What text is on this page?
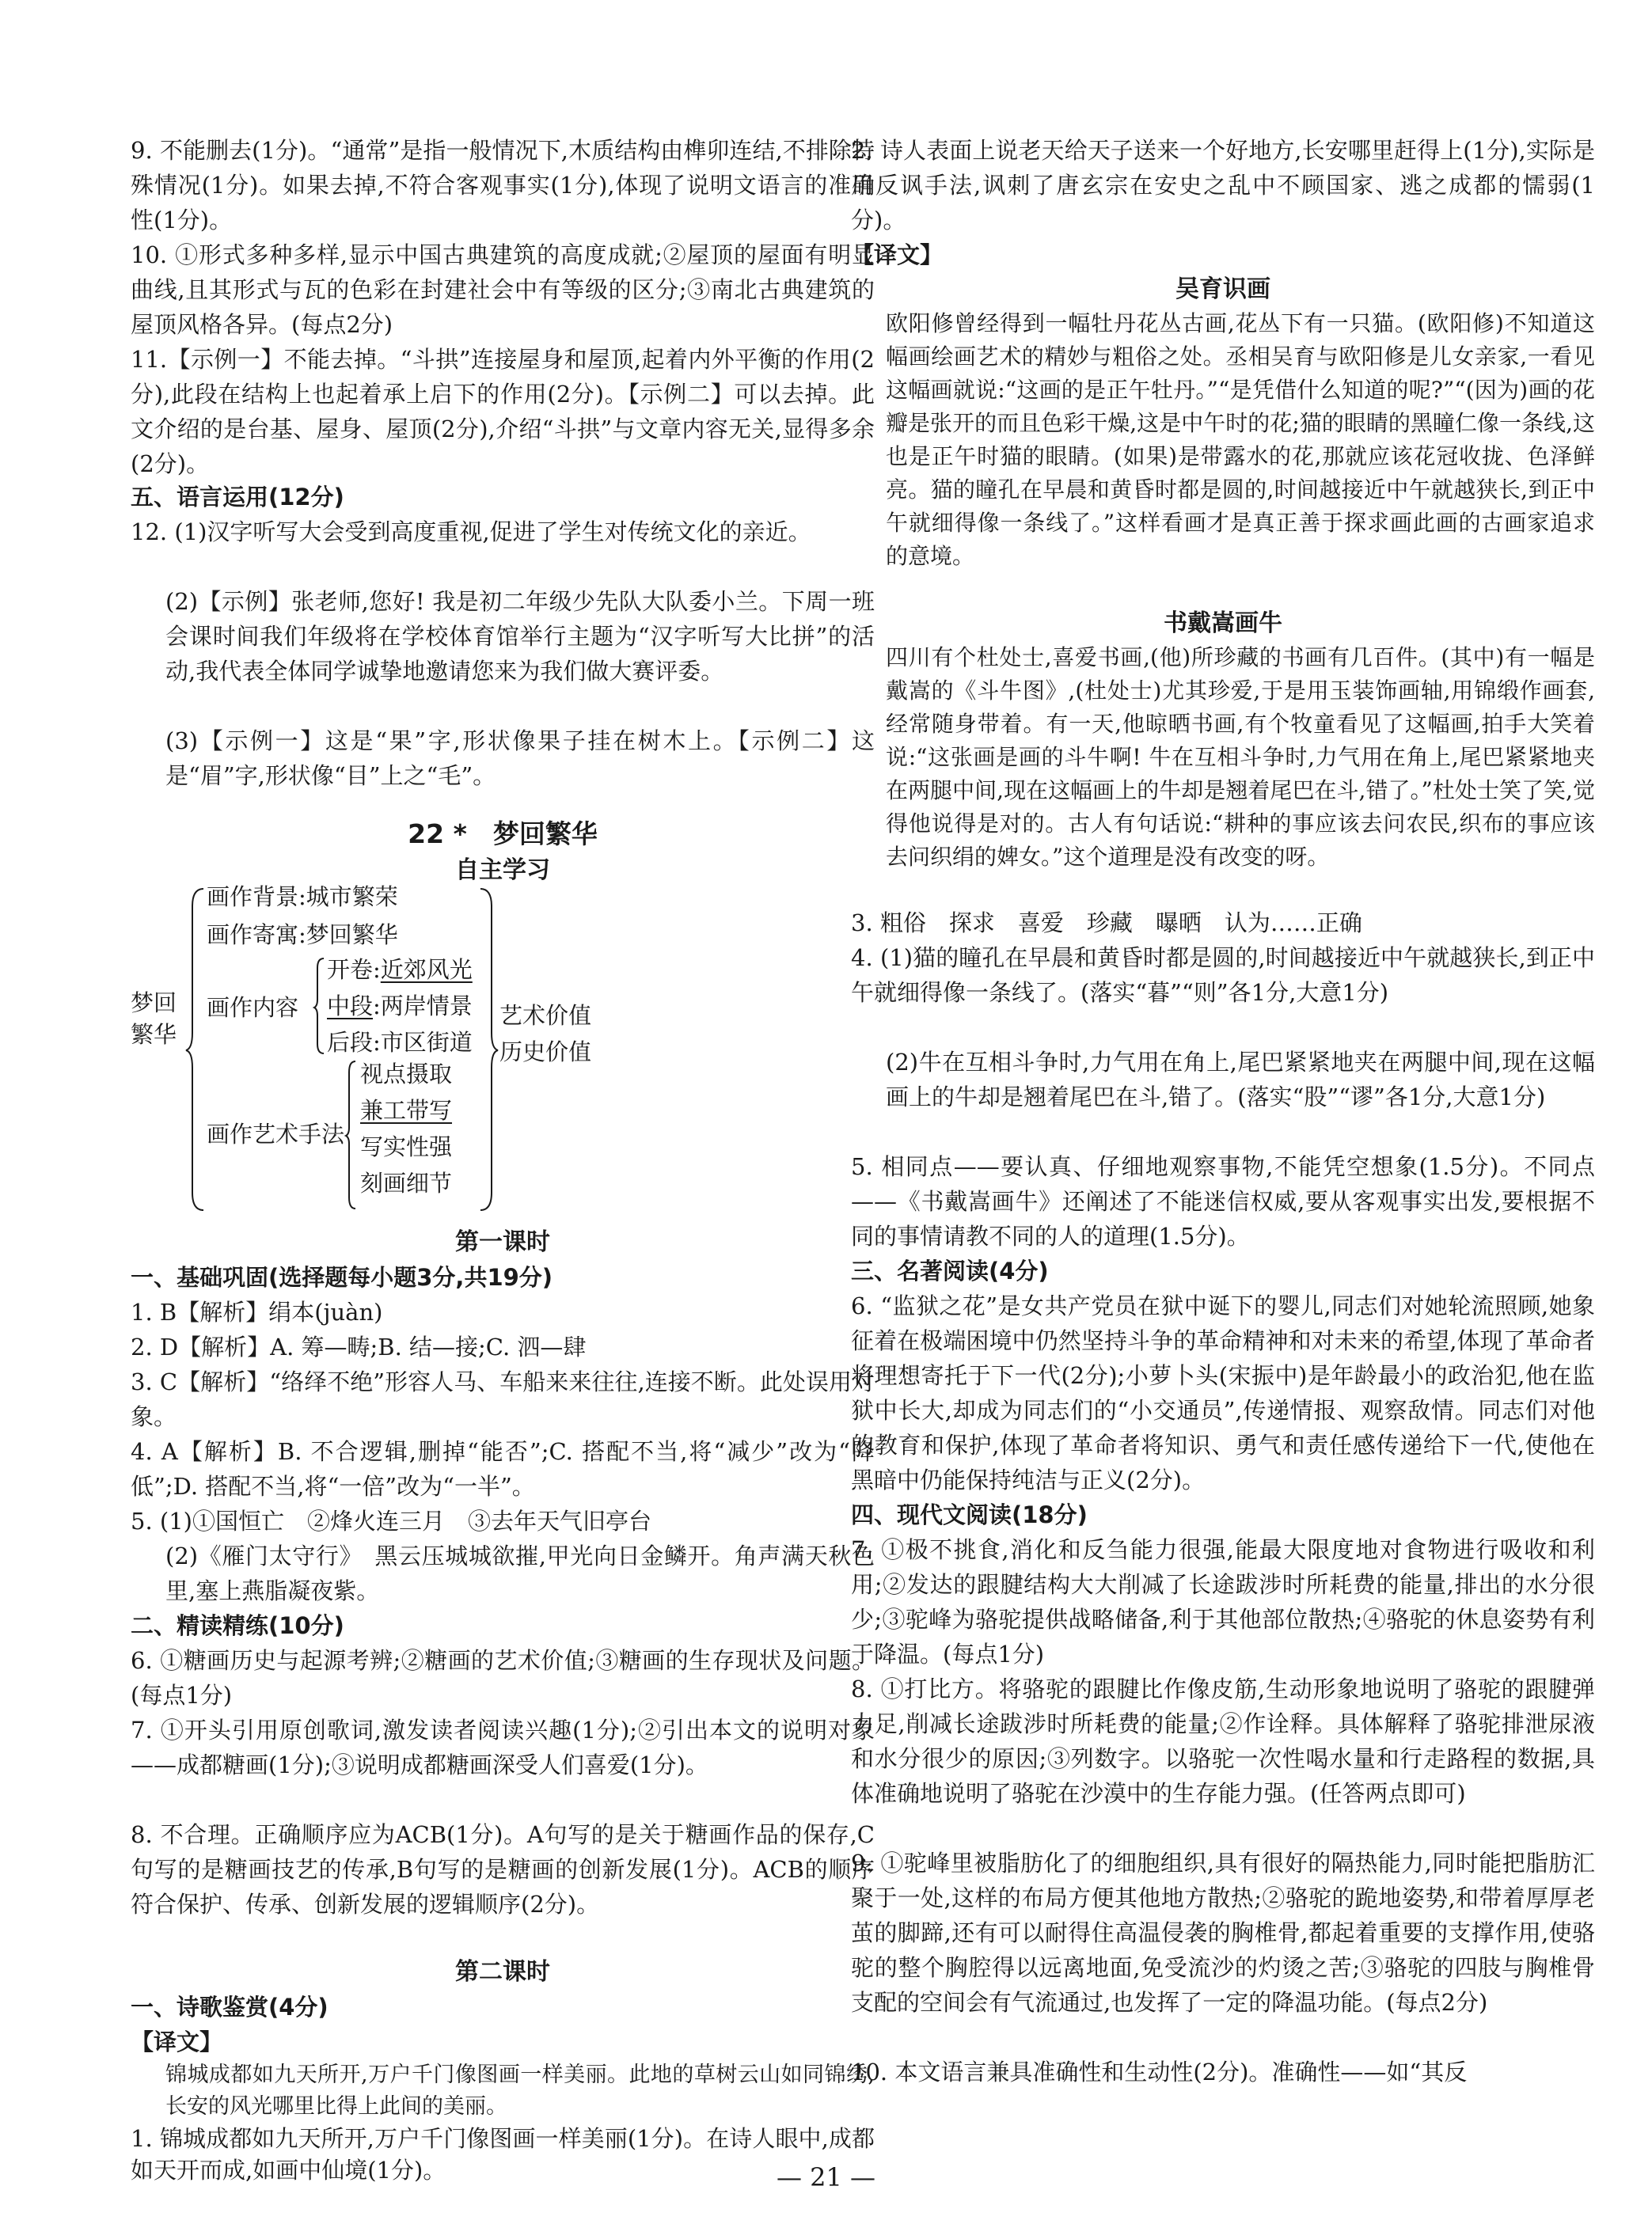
9. 不能删去(1分)。“通常”是指一般情况下,木质结构由榫卯连结,不排除特殊情况(1分)。如果去掉,不符合客观事实(1分),体现了说明文语言的准确性(1分)。
10. ①形式多种多样,显示中国古典建筑的高度成就;②屋顶的屋面有明显曲线,且其形式与瓦的色彩在封建社会中有等级的区分;③南北古典建筑的屋顶风格各异。(每点2分)
11.【示例一】不能去掉。“斗拱”连接屋身和屋顶,起着内外平衡的作用(2分),此段在结构上也起着承上启下的作用(2分)。【示例二】可以去掉。此文介绍的是台基、屋身、屋顶(2分),介绍“斗拱”与文章内容无关,显得多余(2分)。
五、语言运用(12分)
12. (1)汉字听写大会受到高度重视,促进了学生对传统文化的亲近。
(2)【示例】张老师,您好! 我是初二年级少先队大队委小兰。下周一班会课时间我们年级将在学校体育馆举行主题为“汉字听写大比拼”的活动,我代表全体同学诚挚地邀请您来为我们做大赛评委。
(3)【示例一】这是“果”字,形状像果子挂在树木上。【示例二】这是“眉”字,形状像“目”上之“毛”。
22 *　梦回繁华
自主学习
梦回繁华
画作背景:城市繁荣
画作寄寓:梦回繁华
画作内容
开卷:近郊风光
中段:两岸情景
后段:市区街道
画作艺术手法
视点摄取
兼工带写
写实性强
刻画细节
艺术价值
历史价值
第一课时
一、基础巩固(选择题每小题3分,共19分)
1. B【解析】绢本(juàn)
2. D【解析】A. 筹—畴;B. 结—接;C. 泗—肆
3. C【解析】“络绎不绝”形容人马、车船来来往往,连接不断。此处误用对象。
4. A【解析】B. 不合逻辑,删掉“能否”;C. 搭配不当,将“减少”改为“降低”;D. 搭配不当,将“一倍”改为“一半”。
5. (1)①国恒亡　②烽火连三月　③去年天气旧亭台
(2)《雁门太守行》　黑云压城城欲摧,甲光向日金鳞开。角声满天秋色里,塞上燕脂凝夜紫。
二、精读精练(10分)
6. ①糖画历史与起源考辨;②糖画的艺术价值;③糖画的生存现状及问题。(每点1分)
7. ①开头引用原创歌词,激发读者阅读兴趣(1分);②引出本文的说明对象——成都糖画(1分);③说明成都糖画深受人们喜爱(1分)。
8. 不合理。正确顺序应为ACB(1分)。A句写的是关于糖画作品的保存,C句写的是糖画技艺的传承,B句写的是糖画的创新发展(1分)。ACB的顺序符合保护、传承、创新发展的逻辑顺序(2分)。
第二课时
一、诗歌鉴赏(4分)
【译文】
锦城成都如九天所开,万户千门像图画一样美丽。此地的草树云山如同锦绣,长安的风光哪里比得上此间的美丽。
1. 锦城成都如九天所开,万户千门像图画一样美丽(1分)。在诗人眼中,成都如天开而成,如画中仙境(1分)。
2. 诗人表面上说老天给天子送来一个好地方,长安哪里赶得上(1分),实际是用反讽手法,讽刺了唐玄宗在安史之乱中不顾国家、逃之成都的懦弱(1分)。
【译文】
吴育识画
欧阳修曾经得到一幅牡丹花丛古画,花丛下有一只猫。(欧阳修)不知道这幅画绘画艺术的精妙与粗俗之处。丞相吴育与欧阳修是儿女亲家,一看见这幅画就说:“这画的是正午牡丹。”“是凭借什么知道的呢?”“(因为)画的花瓣是张开的而且色彩干燥,这是中午时的花;猫的眼睛的黑瞳仁像一条线,这也是正午时猫的眼睛。(如果)是带露水的花,那就应该花冠收拢、色泽鲜亮。猫的瞳孔在早晨和黄昏时都是圆的,时间越接近中午就越狭长,到正中午就细得像一条线了。”这样看画才是真正善于探求画此画的古画家追求的意境。
书戴嵩画牛
四川有个杜处士,喜爱书画,(他)所珍藏的书画有几百件。(其中)有一幅是戴嵩的《斗牛图》,(杜处士)尤其珍爱,于是用玉装饰画轴,用锦缎作画套,经常随身带着。有一天,他晾晒书画,有个牧童看见了这幅画,拍手大笑着说:“这张画是画的斗牛啊! 牛在互相斗争时,力气用在角上,尾巴紧紧地夹在两腿中间,现在这幅画上的牛却是翘着尾巴在斗,错了。”杜处士笑了笑,觉得他说得是对的。古人有句话说:“耕种的事应该去问农民,织布的事应该去问织绢的婢女。”这个道理是没有改变的呀。
3. 粗俗　探求　喜爱　珍藏　曝晒　认为……正确
4. (1)猫的瞳孔在早晨和黄昏时都是圆的,时间越接近中午就越狭长,到正中午就细得像一条线了。(落实“暮”“则”各1分,大意1分)
(2)牛在互相斗争时,力气用在角上,尾巴紧紧地夹在两腿中间,现在这幅画上的牛却是翘着尾巴在斗,错了。(落实“股”“谬”各1分,大意1分)
5. 相同点——要认真、仔细地观察事物,不能凭空想象(1.5分)。不同点——《书戴嵩画牛》还阐述了不能迷信权威,要从客观事实出发,要根据不同的事情请教不同的人的道理(1.5分)。
三、名著阅读(4分)
6. “监狱之花”是女共产党员在狱中诞下的婴儿,同志们对她轮流照顾,她象征着在极端困境中仍然坚持斗争的革命精神和对未来的希望,体现了革命者将理想寄托于下一代(2分);小萝卜头(宋振中)是年龄最小的政治犯,他在监狱中长大,却成为同志们的“小交通员”,传递情报、观察敌情。同志们对他的教育和保护,体现了革命者将知识、勇气和责任感传递给下一代,使他在黑暗中仍能保持纯洁与正义(2分)。
四、现代文阅读(18分)
7. ①极不挑食,消化和反刍能力很强,能最大限度地对食物进行吸收和利用;②发达的跟腱结构大大削减了长途跋涉时所耗费的能量,排出的水分很少;③驼峰为骆驼提供战略储备,利于其他部位散热;④骆驼的休息姿势有利于降温。(每点1分)
8. ①打比方。将骆驼的跟腱比作像皮筋,生动形象地说明了骆驼的跟腱弹力足,削减长途跋涉时所耗费的能量;②作诠释。具体解释了骆驼排泄尿液和水分很少的原因;③列数字。以骆驼一次性喝水量和行走路程的数据,具体准确地说明了骆驼在沙漠中的生存能力强。(任答两点即可)
9. ①驼峰里被脂肪化了的细胞组织,具有很好的隔热能力,同时能把脂肪汇聚于一处,这样的布局方便其他地方散热;②骆驼的跪地姿势,和带着厚厚老茧的脚蹄,还有可以耐得住高温侵袭的胸椎骨,都起着重要的支撑作用,使骆驼的整个胸腔得以远离地面,免受流沙的灼烫之苦;③骆驼的四肢与胸椎骨支配的空间会有气流通过,也发挥了一定的降温功能。(每点2分)
10. 本文语言兼具准确性和生动性(2分)。准确性——如“其反
— 21 —
